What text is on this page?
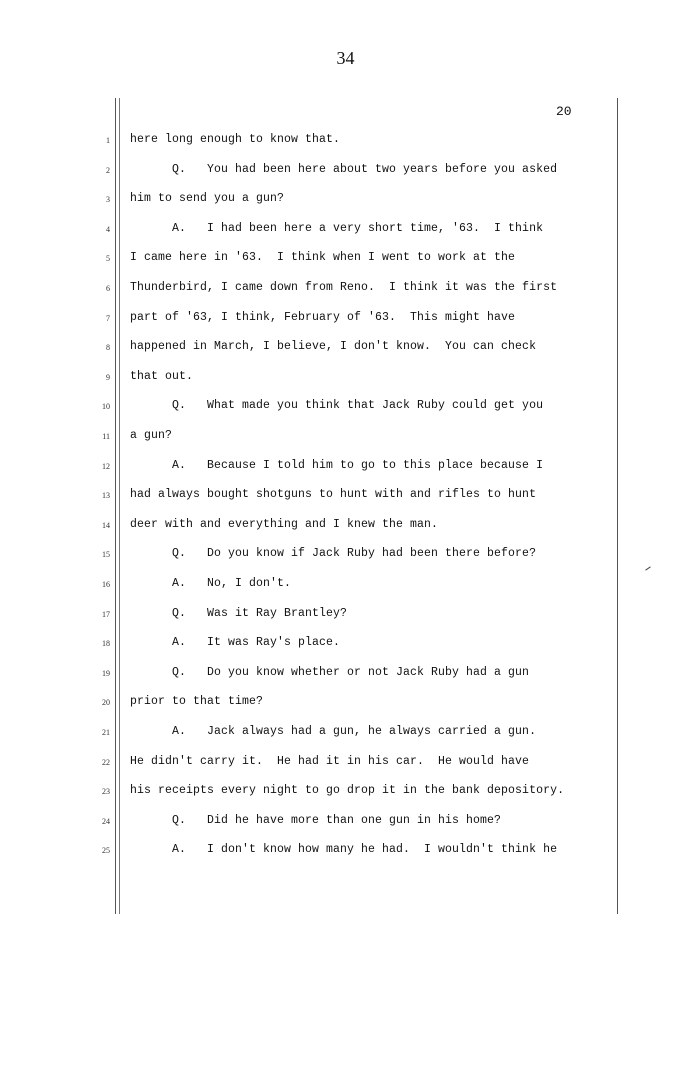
34
20
1 here long enough to know that.
2 Q.   You had been here about two years before you asked
3 him to send you a gun?
4 A.   I had been here a very short time, '63.  I think
5 I came here in '63.  I think when I went to work at the
6 Thunderbird, I came down from Reno.  I think it was the first
7 part of '63, I think, February of '63.  This might have
8 happened in March, I believe, I don't know.  You can check
9 that out.
10 Q.   What made you think that Jack Ruby could get you
11 a gun?
12 A.   Because I told him to go to this place because I
13 had always bought shotguns to hunt with and rifles to hunt
14 deer with and everything and I knew the man.
15 Q.   Do you know if Jack Ruby had been there before?
16 A.   No, I don't.
17 Q.   Was it Ray Brantley?
18 A.   It was Ray's place.
19 Q.   Do you know whether or not Jack Ruby had a gun
20 prior to that time?
21 A.   Jack always had a gun, he always carried a gun.
22 He didn't carry it.  He had it in his car.  He would have
23 his receipts every night to go drop it in the bank depository.
24 Q.   Did he have more than one gun in his home?
25 A.   I don't know how many he had.  I wouldn't think he
